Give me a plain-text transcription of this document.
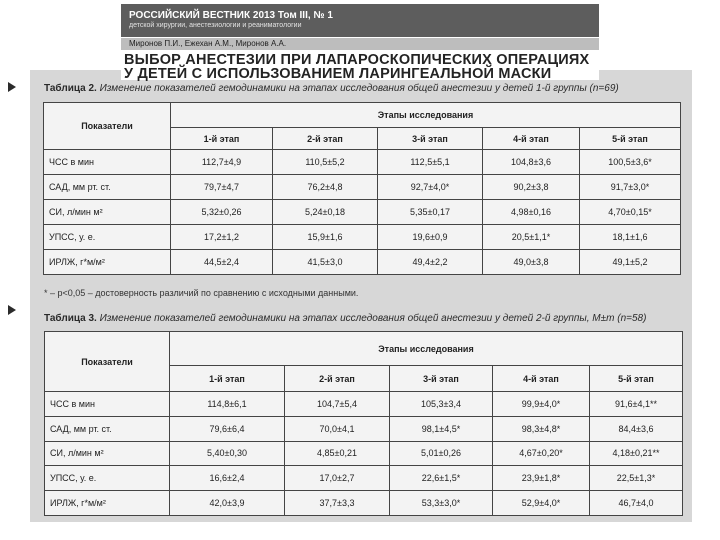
РОССИЙСКИЙ ВЕСТНИК 2013 Том III, № 1
детской хирургии, анестезиологии и реаниматологии
Миронов П.И., Ежехан А.М., Миронов А.А.
ВЫБОР АНЕСТЕЗИИ ПРИ ЛАПАРОСКОПИЧЕСКИХ ОПЕРАЦИЯХ
У ДЕТЕЙ С ИСПОЛЬЗОВАНИЕМ ЛАРИНГЕАЛЬНОЙ МАСКИ
Таблица 2. Изменение показателей гемодинамики на этапах исследования общей анестезии у детей 1-й группы (n=69)
Показатели	Этапы исследования				
	1-й этап	2-й этап	3-й этап	4-й этап	5-й этап
ЧСС в мин	112,7±4,9	110,5±5,2	112,5±5,1	104,8±3,6	100,5±3,6*
САД, мм рт. ст.	79,7±4,7	76,2±4,8	92,7±4,0*	90,2±3,8	91,7±3,0*
СИ, л/мин м²	5,32±0,26	5,24±0,18	5,35±0,17	4,98±0,16	4,70±0,15*
УПСС, у. е.	17,2±1,2	15,9±1,6	19,6±0,9	20,5±1,1*	18,1±1,6
ИРЛЖ, г*м/м²	44,5±2,4	41,5±3,0	49,4±2,2	49,0±3,8	49,1±5,2
* – p<0,05 – достоверность различий по сравнению с исходными данными.
Таблица 3. Изменение показателей гемодинамики на этапах исследования общей анестезии у детей 2-й группы, M±m (n=58)
Показатели	Этапы исследования				
	1-й этап	2-й этап	3-й этап	4-й этап	5-й этап
ЧСС в мин	114,8±6,1	104,7±5,4	105,3±3,4	99,9±4,0*	91,6±4,1**
САД, мм рт. ст.	79,6±6,4	70,0±4,1	98,1±4,5*	98,3±4,8*	84,4±3,6
СИ, л/мин м²	5,40±0,30	4,85±0,21	5,01±0,26	4,67±0,20*	4,18±0,21**
УПСС, у. е.	16,6±2,4	17,0±2,7	22,6±1,5*	23,9±1,8*	22,5±1,3*
ИРЛЖ, г*м/м²	42,0±3,9	37,7±3,3	53,3±3,0*	52,9±4,0*	46,7±4,0
